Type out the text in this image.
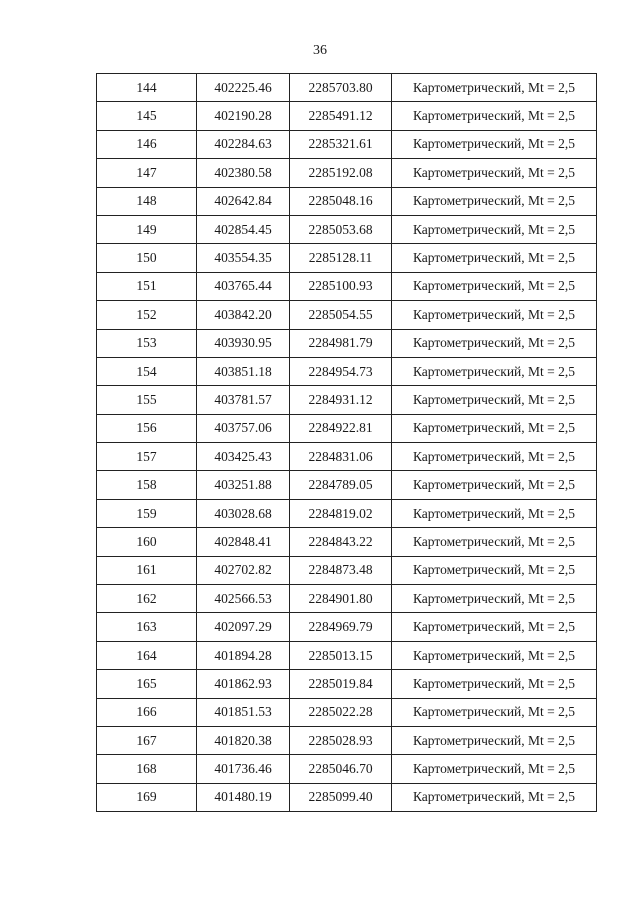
36
144	402225.46	2285703.80	Картометрический, Mt = 2,5
145	402190.28	2285491.12	Картометрический, Mt = 2,5
146	402284.63	2285321.61	Картометрический, Mt = 2,5
147	402380.58	2285192.08	Картометрический, Mt = 2,5
148	402642.84	2285048.16	Картометрический, Mt = 2,5
149	402854.45	2285053.68	Картометрический, Mt = 2,5
150	403554.35	2285128.11	Картометрический, Mt = 2,5
151	403765.44	2285100.93	Картометрический, Mt = 2,5
152	403842.20	2285054.55	Картометрический, Mt = 2,5
153	403930.95	2284981.79	Картометрический, Mt = 2,5
154	403851.18	2284954.73	Картометрический, Mt = 2,5
155	403781.57	2284931.12	Картометрический, Mt = 2,5
156	403757.06	2284922.81	Картометрический, Mt = 2,5
157	403425.43	2284831.06	Картометрический, Mt = 2,5
158	403251.88	2284789.05	Картометрический, Mt = 2,5
159	403028.68	2284819.02	Картометрический, Mt = 2,5
160	402848.41	2284843.22	Картометрический, Mt = 2,5
161	402702.82	2284873.48	Картометрический, Mt = 2,5
162	402566.53	2284901.80	Картометрический, Mt = 2,5
163	402097.29	2284969.79	Картометрический, Mt = 2,5
164	401894.28	2285013.15	Картометрический, Mt = 2,5
165	401862.93	2285019.84	Картометрический, Mt = 2,5
166	401851.53	2285022.28	Картометрический, Mt = 2,5
167	401820.38	2285028.93	Картометрический, Mt = 2,5
168	401736.46	2285046.70	Картометрический, Mt = 2,5
169	401480.19	2285099.40	Картометрический, Mt = 2,5
